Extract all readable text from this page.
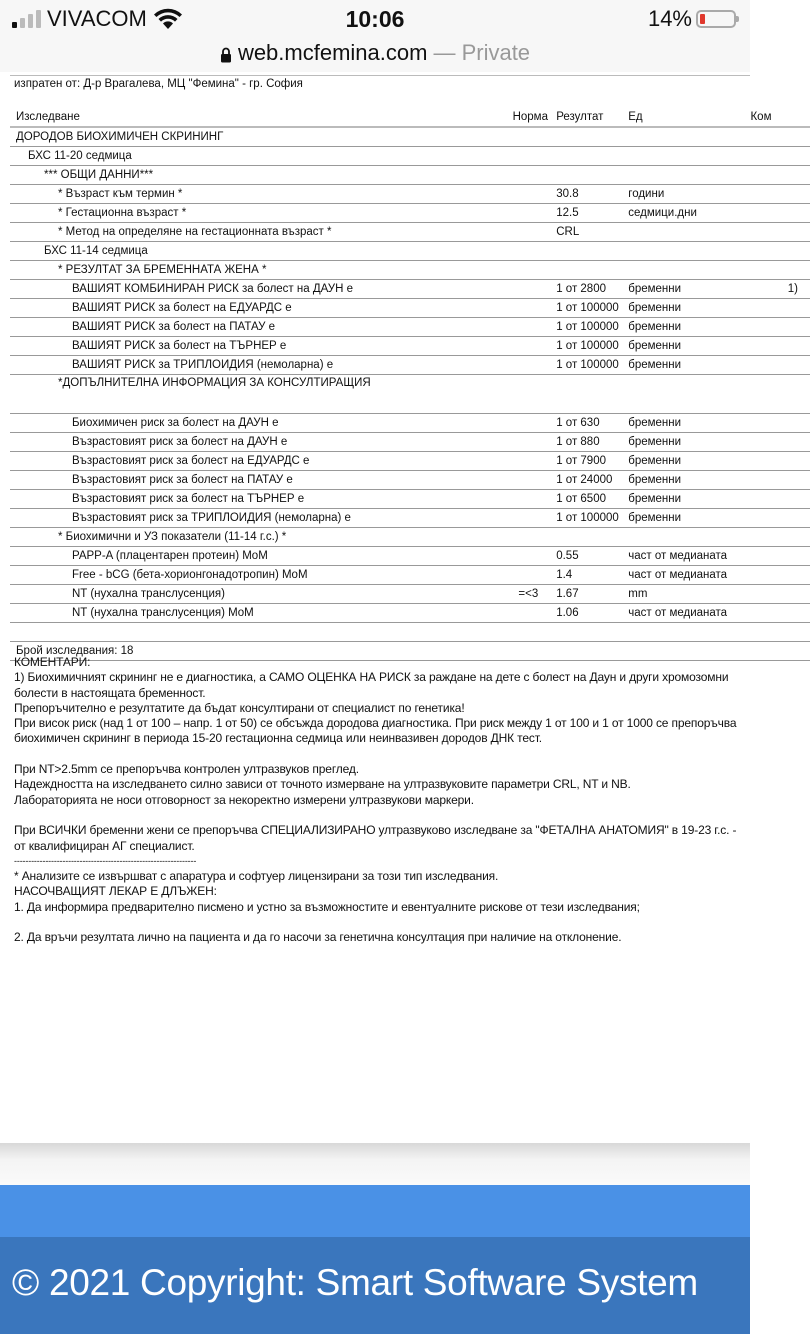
VIVACOM	10:06	14%
web.mcfemina.com — Private
изпратен от: Д-р Врагалева, МЦ "Фемина" - гр. София
Изследване	Норма	Резултат	Ед	Ком
ДОРОДОВ БИОХИМИЧЕН СКРИНИНГ				
БХС 11-20 седмица				
*** ОБЩИ ДАННИ***				
* Възраст към термин *		30.8	години	
* Гестационна възраст *		12.5	седмици.дни	
* Метод на определяне на гестационната възраст *		CRL		
БХС 11-14 седмица				
* РЕЗУЛТАТ ЗА БРЕМЕННАТА ЖЕНА *				
ВАШИЯТ КОМБИНИРАН РИСК за болест на ДАУН е		1 от 2800	бременни	1)
ВАШИЯТ РИСК за болест на ЕДУАРДС е		1 от 100000	бременни	
ВАШИЯТ РИСК за болест на ПАТАУ е		1 от 100000	бременни	
ВАШИЯТ РИСК за болест на ТЪРНЕР е		1 от 100000	бременни	
ВАШИЯТ РИСК за ТРИПЛОИДИЯ (немоларна) е		1 от 100000	бременни	
*ДОПЪЛНИТЕЛНА ИНФОРМАЦИЯ ЗА КОНСУЛТИРАЩИЯ				
Биохимичен риск за болест на ДАУН е		1 от 630	бременни	
Възрастовият риск за болест на ДАУН е		1 от 880	бременни	
Възрастовият риск за болест на ЕДУАРДС е		1 от 7900	бременни	
Възрастовият риск за болест на ПАТАУ е		1 от 24000	бременни	
Възрастовият риск за болест на ТЪРНЕР е		1 от 6500	бременни	
Възрастовият риск за ТРИПЛОИДИЯ (немоларна) е		1 от 100000	бременни	
* Биохимични и УЗ показатели (11-14 г.с.) *				
PAPP-A (плацентарен протеин) MoM		0.55	част от медианата	
Free - bCG (бета-хорионгонадотропин) MoM		1.4	част от медианата	
NT (нухална транслусенция)	=<3	1.67	mm	
NT (нухална транслусенция) MoM		1.06	част от медианата	

Брой изследвания: 18				

КОМЕНТАРИ:

1) Биохимичният скрининг не е диагностика, а САМО ОЦЕНКА НА РИСК за раждане на дете с болест на Даун и други хромозомни болести в настоящата бременност.

Препоръчително е резултатите да бъдат консултирани от специалист по генетика!

При висок риск (над 1 от 100 – напр. 1 от 50) се обсъжда дородова диагностика. При риск между 1 от 100 и 1 от 1000 се препоръчва биохимичен скрининг в периода 15-20 гестационна седмица или неинвазивен дородов ДНК тест.

При NT>2.5mm се препоръчва контролен ултразвуков преглед.

Надеждността на изследването силно зависи от точното измерване на ултразвуковите параметри CRL, NT и NB.

Лабораторията не носи отговорност за некоректно измерени ултразвукови маркери.

При ВСИЧКИ бременни жени се препоръчва СПЕЦИАЛИЗИРАНО ултразвуково изследване за "ФЕТАЛНА АНАТОМИЯ" в 19-23 г.с. - от квалифициран АГ специалист.

----------------------------------------------------------------

* Анализите се извършват с апаратура и софтуер лицензирани за този тип изследвания.

НАСОЧВАЩИЯТ ЛЕКАР Е ДЛЪЖЕН:

1. Да информира предварително писмено и устно за възможностите и евентуалните рискове от тези изследвания;

2. Да връчи резултата лично на пациента и да го насочи за генетична консултация при наличие на отклонение.

© 2021 Copyright: Smart Software System
